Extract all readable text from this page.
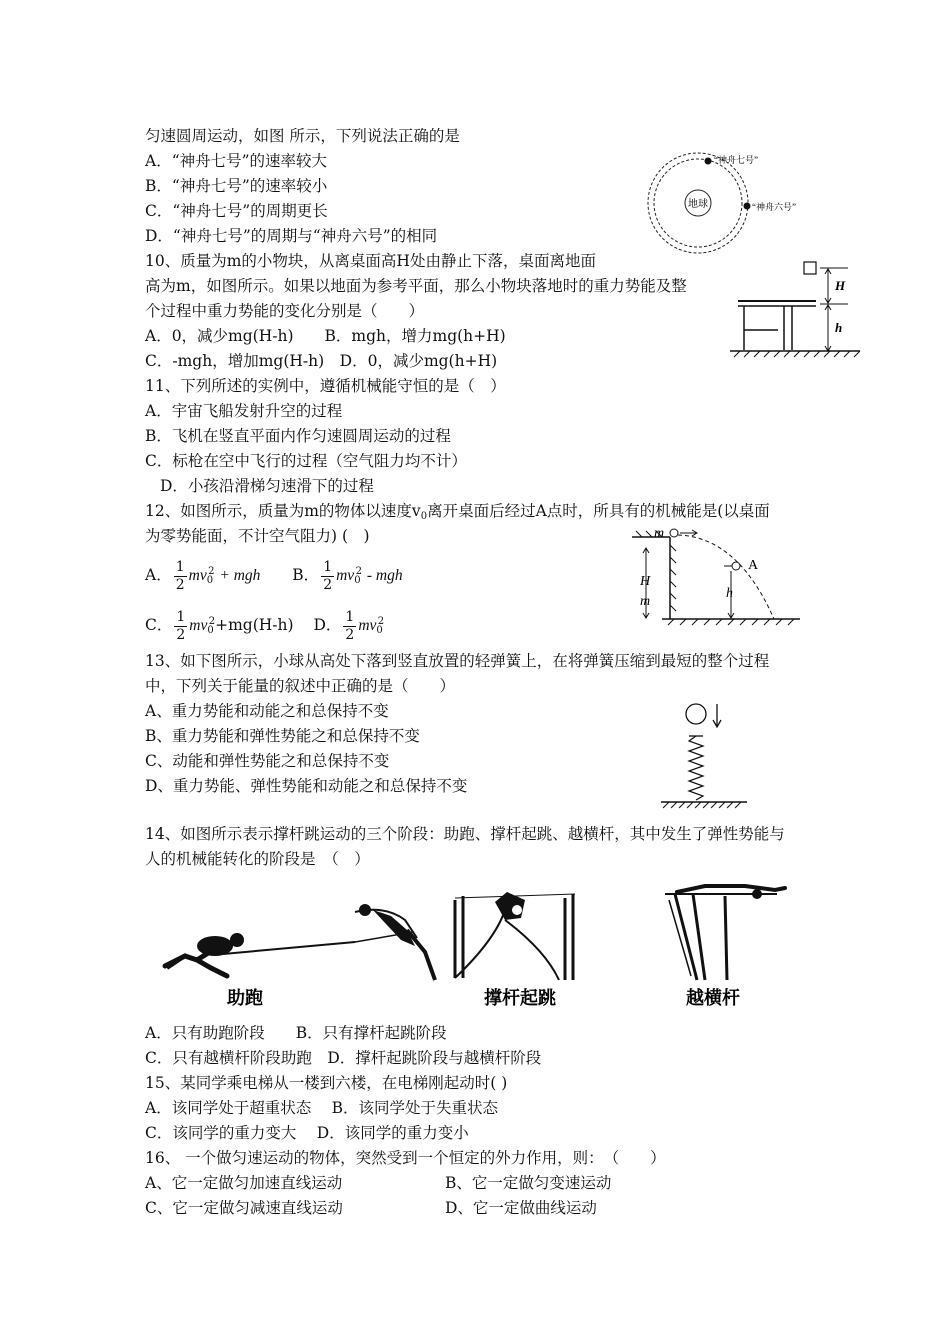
匀速圆周运动，如图 所示，下列说法正确的是
A．“神舟七号”的速率较大
B．“神舟七号”的速率较小
C．“神舟七号”的周期更长
D．“神舟七号”的周期与“神舟六号”的相同
地球
“神舟七号”
“神舟六号”
10、质量为m的小物块，从离桌面高H处由静止下落，桌面离地面
高为m，如图所示。如果以地面为参考平面，那么小物块落地时的重力势能及整
个过程中重力势能的变化分别是（　　）
A．0，减少mg(H-h)　　B．mgh，增力mg(h+H)
C．-mgh，增加mg(H-h)　D．0，减少mg(h+H)
H
h
11、下列所述的实例中，遵循机械能守恒的是（　）
A．宇宙飞船发射升空的过程
B．飞机在竖直平面内作匀速圆周运动的过程
C．标枪在空中飞行的过程（空气阻力均不计）
D．小孩沿滑梯匀速滑下的过程
12、如图所示，质量为m的物体以速度$v_0$离开桌面后经过A点时，所具有的机械能是(以桌面
为零势能面，不计空气阻力) (　)
A． $\frac{1}{2} mv_0^2$ + mgh B． $\frac{1}{2} mv_0^2$ - mgh
C． $\frac{1}{2} mv_0^2+mg(H-h)$ D． $\frac{1}{2} mv_0^2$
m
A
H
m
h
13、如下图所示，小球从高处下落到竖直放置的轻弹簧上，在将弹簧压缩到最短的整个过程
中，下列关于能量的叙述中正确的是（　　）
A、重力势能和动能之和总保持不变
B、重力势能和弹性势能之和总保持不变
C、动能和弹性势能之和总保持不变
D、重力势能、弹性势能和动能之和总保持不变
14、如图所示表示撑杆跳运动的三个阶段：助跑、撑杆起跳、越横杆，其中发生了弹性势能与
人的机械能转化的阶段是　（　）
助跑	撑杆起跳	越横杆
A．只有助跑阶段　　B．只有撑杆起跳阶段
C．只有越横杆阶段助跑　D．撑杆起跳阶段与越横杆阶段
15、某同学乘电梯从一楼到六楼，在电梯刚起动时( )
A．该同学处于超重状态　 B．该同学处于失重状态
C．该同学的重力变大　 D．该同学的重力变小
16、 一个做匀速运动的物体，突然受到一个恒定的外力作用，则：　（　　）
A、它一定做匀加速直线运动	B、它一定做匀变速运动
C、它一定做匀减速直线运动	D、它一定做曲线运动
